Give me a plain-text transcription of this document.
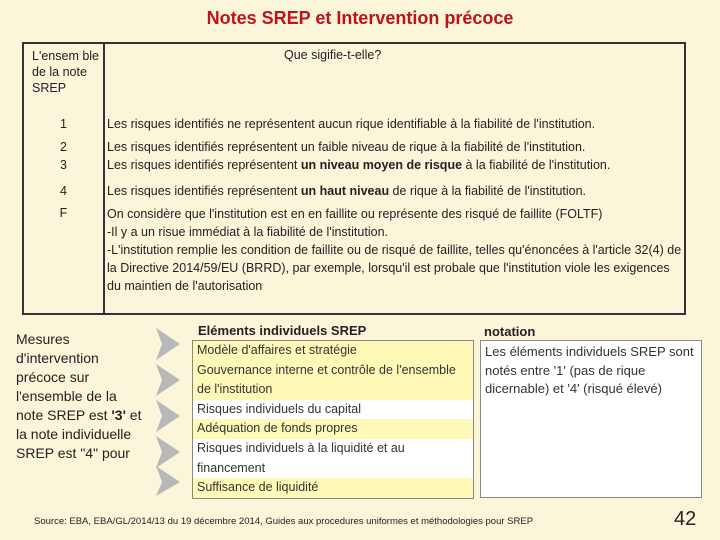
Notes SREP et Intervention précoce
L'ensem ble de la note SREP
Que sigifie-t-elle?
1	Les risques identifiés ne représentent aucun rique identifiable à la fiabilité de l'institution.
2	Les risques identifiés représentent un faible niveau de rique à la fiabilité de l'institution.
3	Les risques identifiés représentent un niveau moyen de risque à la fiabilité de l'institution.
4	Les risques identifiés représentent un haut niveau de rique à la fiabilité de l'institution.
F	On considère que l'institution est en en faillite ou représente des risqué de faillite (FOLTF)
-Il y a un risue immédiat à la fiabilité de l'institution.
-L'institution remplie les condition de faillite ou de risqué de faillite, telles qu'énoncées à l'article 32(4) de la Directive 2014/59/EU (BRRD), par exemple, lorsqu'il est probale que l'institution viole les exigences du maintien de l'autorisation
Mesures d'intervention précoce sur l'ensemble de la note SREP est '3' et la note individuelle SREP est "4" pour
Eléments individuels SREP	notation
Modèle d'affaires et stratégie
Gouvernance interne et contrôle de l'ensemble de l'institution
Risques individuels du capital
Adéquation de fonds propres
Risques individuels à la liquidité et au financement
Suffisance de liquidité
Les éléments individuels SREP sont notés entre '1' (pas de rique dicernable) et '4' (risqué élevé)
Source: EBA, EBA/GL/2014/13 du 19 décembre 2014, Guides aux procedures uniformes et méthodologies pour SREP	42
